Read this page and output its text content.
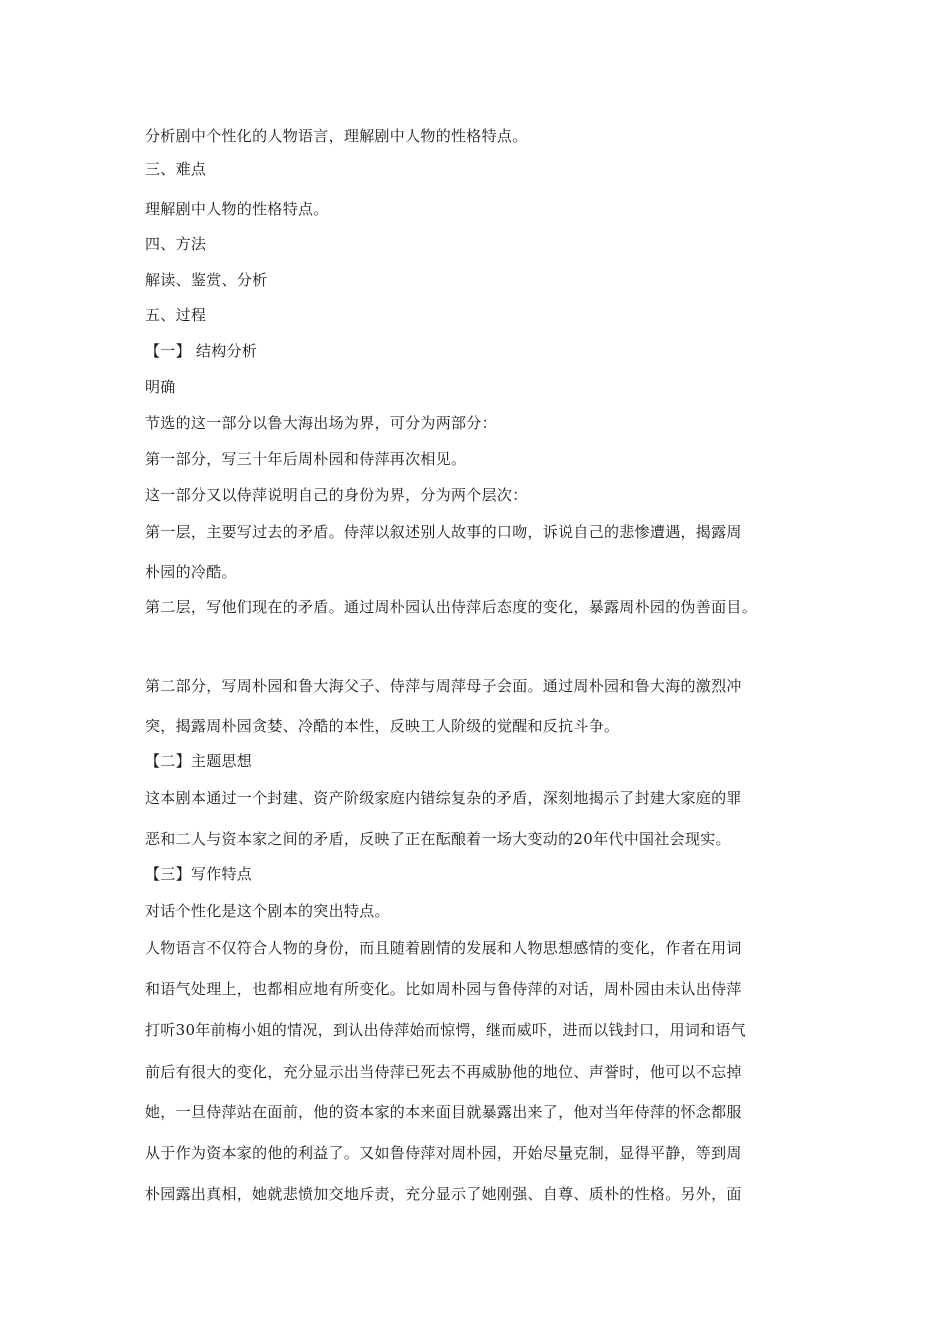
分析剧中个性化的人物语言，理解剧中人物的性格特点。

三、难点

理解剧中人物的性格特点。

四、方法

解读、鉴赏、分析

五、过程

【一】 结构分析

明确

节选的这一部分以鲁大海出场为界，可分为两部分：

第一部分，写三十年后周朴园和侍萍再次相见。

这一部分又以侍萍说明自己的身份为界，分为两个层次：

第一层，主要写过去的矛盾。侍萍以叙述别人故事的口吻，诉说自己的悲惨遭遇，揭露周

朴园的冷酷。

第二层，写他们现在的矛盾。通过周朴园认出侍萍后态度的变化，暴露周朴园的伪善面目。

第二部分，写周朴园和鲁大海父子、侍萍与周萍母子会面。通过周朴园和鲁大海的激烈冲

突，揭露周朴园贪婪、冷酷的本性，反映工人阶级的觉醒和反抗斗争。

【二】主题思想

这本剧本通过一个封建、资产阶级家庭内错综复杂的矛盾，深刻地揭示了封建大家庭的罪

恶和二人与资本家之间的矛盾，反映了正在酝酿着一场大变动的20年代中国社会现实。

【三】写作特点

对话个性化是这个剧本的突出特点。

人物语言不仅符合人物的身份，而且随着剧情的发展和人物思想感情的变化，作者在用词

和语气处理上，也都相应地有所变化。比如周朴园与鲁侍萍的对话，周朴园由未认出侍萍

打听30年前梅小姐的情况，到认出侍萍始而惊愕，继而威吓，进而以钱封口，用词和语气

前后有很大的变化，充分显示出当侍萍已死去不再威胁他的地位、声誉时，他可以不忘掉

她，一旦侍萍站在面前，他的资本家的本来面目就暴露出来了，他对当年侍萍的怀念都服

从于作为资本家的他的利益了。又如鲁侍萍对周朴园，开始尽量克制，显得平静，等到周

朴园露出真相，她就悲愤加交地斥责，充分显示了她刚强、自尊、质朴的性格。另外，面
